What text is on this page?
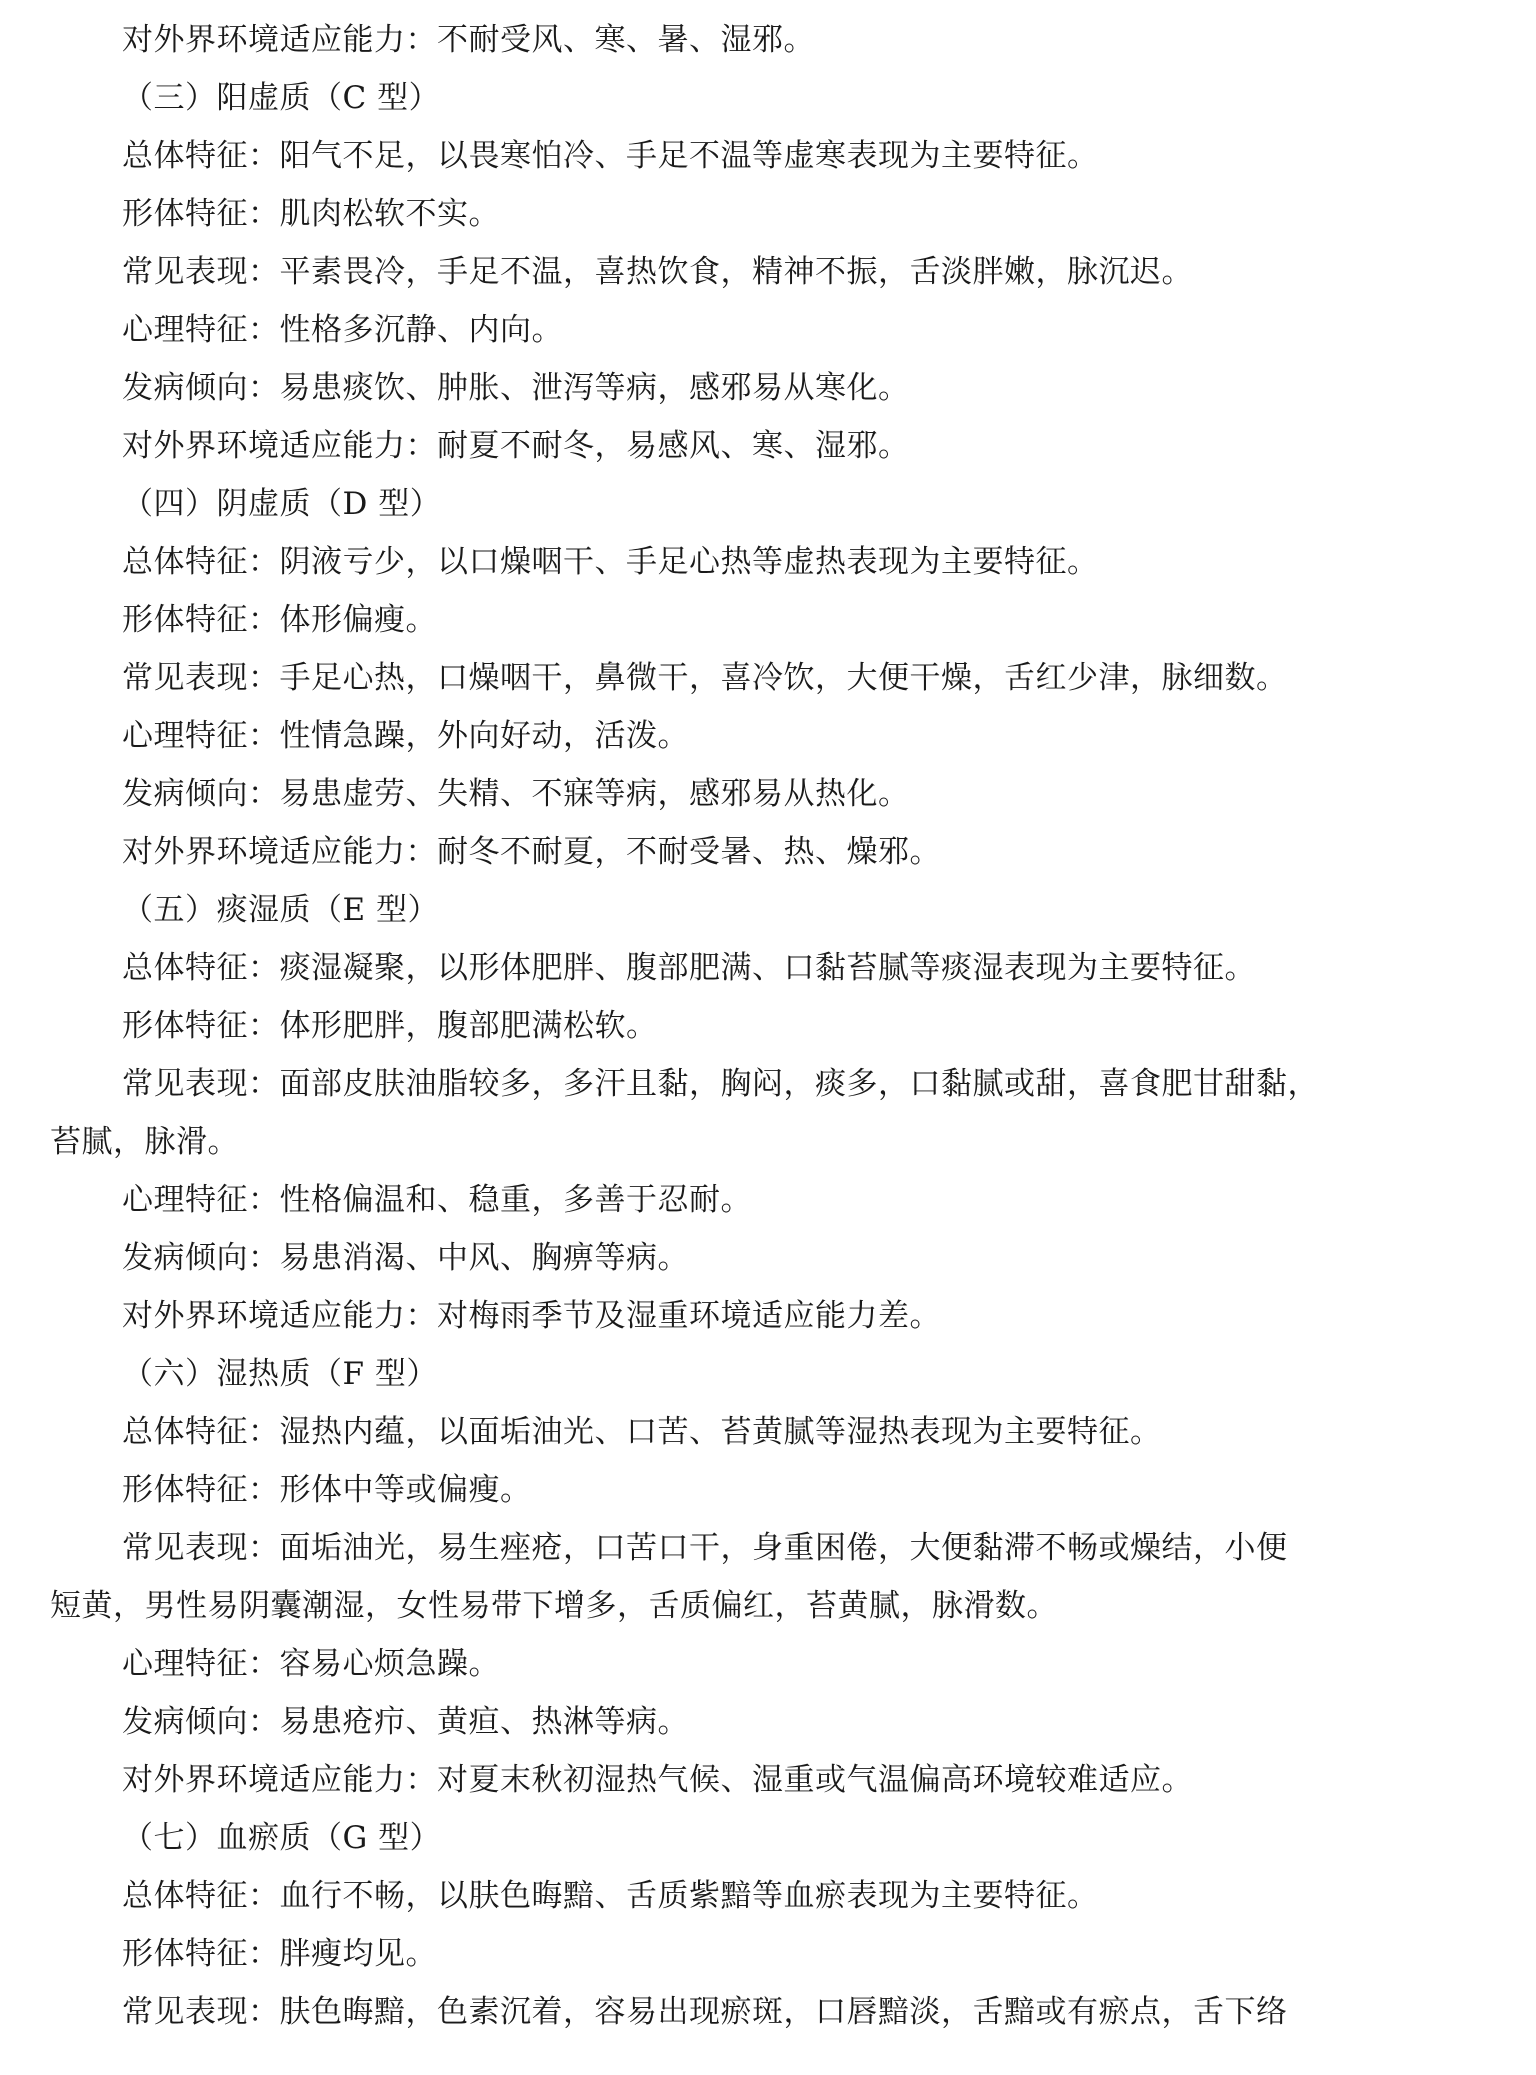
对外界环境适应能力：不耐受风、寒、暑、湿邪。
（三）阳虚质（C 型）
总体特征：阳气不足，以畏寒怕冷、手足不温等虚寒表现为主要特征。
形体特征：肌肉松软不实。
常见表现：平素畏冷，手足不温，喜热饮食，精神不振，舌淡胖嫩，脉沉迟。
心理特征：性格多沉静、内向。
发病倾向：易患痰饮、肿胀、泄泻等病，感邪易从寒化。
对外界环境适应能力：耐夏不耐冬，易感风、寒、湿邪。
（四）阴虚质（D 型）
总体特征：阴液亏少，以口燥咽干、手足心热等虚热表现为主要特征。
形体特征：体形偏瘦。
常见表现：手足心热，口燥咽干，鼻微干，喜冷饮，大便干燥，舌红少津，脉细数。
心理特征：性情急躁，外向好动，活泼。
发病倾向：易患虚劳、失精、不寐等病，感邪易从热化。
对外界环境适应能力：耐冬不耐夏，不耐受暑、热、燥邪。
（五）痰湿质（E 型）
总体特征：痰湿凝聚，以形体肥胖、腹部肥满、口黏苔腻等痰湿表现为主要特征。
形体特征：体形肥胖，腹部肥满松软。
常见表现：面部皮肤油脂较多，多汗且黏，胸闷，痰多，口黏腻或甜，喜食肥甘甜黏，
苔腻，脉滑。
心理特征：性格偏温和、稳重，多善于忍耐。
发病倾向：易患消渴、中风、胸痹等病。
对外界环境适应能力：对梅雨季节及湿重环境适应能力差。
（六）湿热质（F 型）
总体特征：湿热内蕴，以面垢油光、口苦、苔黄腻等湿热表现为主要特征。
形体特征：形体中等或偏瘦。
常见表现：面垢油光，易生痤疮，口苦口干，身重困倦，大便黏滞不畅或燥结，小便
短黄，男性易阴囊潮湿，女性易带下增多，舌质偏红，苔黄腻，脉滑数。
心理特征：容易心烦急躁。
发病倾向：易患疮疖、黄疸、热淋等病。
对外界环境适应能力：对夏末秋初湿热气候、湿重或气温偏高环境较难适应。
（七）血瘀质（G 型）
总体特征：血行不畅，以肤色晦黯、舌质紫黯等血瘀表现为主要特征。
形体特征：胖瘦均见。
常见表现：肤色晦黯，色素沉着，容易出现瘀斑，口唇黯淡，舌黯或有瘀点，舌下络
